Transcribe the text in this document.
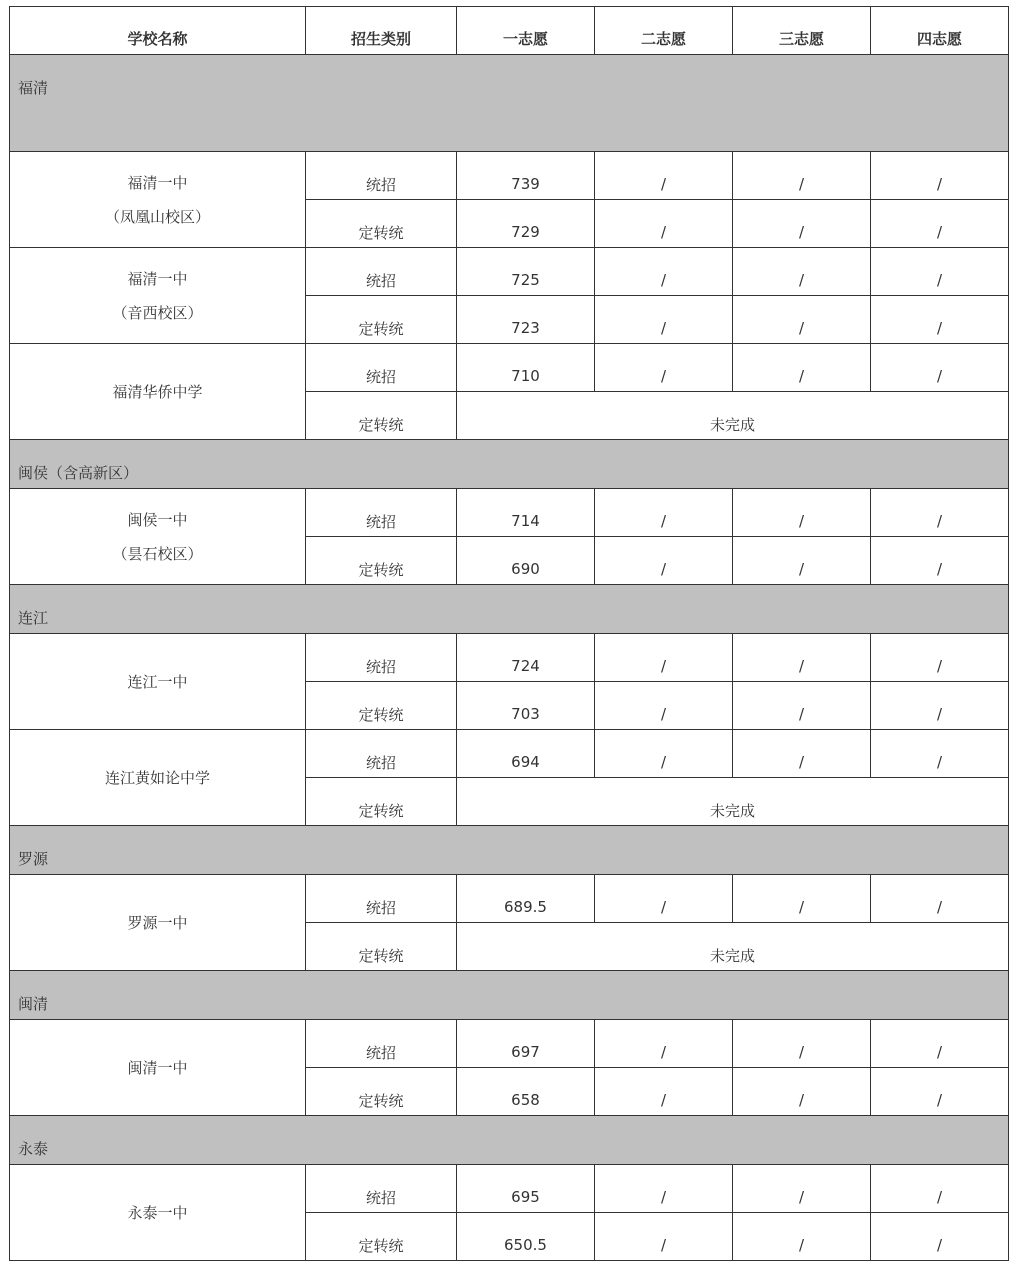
学校名称	招生类别	一志愿	二志愿	三志愿	四志愿
福清					

福清一中
（凤凰山校区）	统招	739	/	/	/
	定转统	729	/	/	/

福清一中
（音西校区）	统招	725	/	/	/
	定转统	723	/	/	/

福清华侨中学	统招	710	/	/	/
	定转统	未完成			
闽侯（含高新区）					

闽侯一中
（昙石校区）	统招	714	/	/	/
	定转统	690	/	/	/
连江					

连江一中	统招	724	/	/	/
	定转统	703	/	/	/

连江黄如论中学	统招	694	/	/	/
	定转统	未完成			
罗源					

罗源一中	统招	689.5	/	/	/
	定转统	未完成			
闽清					

闽清一中	统招	697	/	/	/
	定转统	658	/	/	/
永泰					

永泰一中	统招	695	/	/	/
	定转统	650.5	/	/	/
